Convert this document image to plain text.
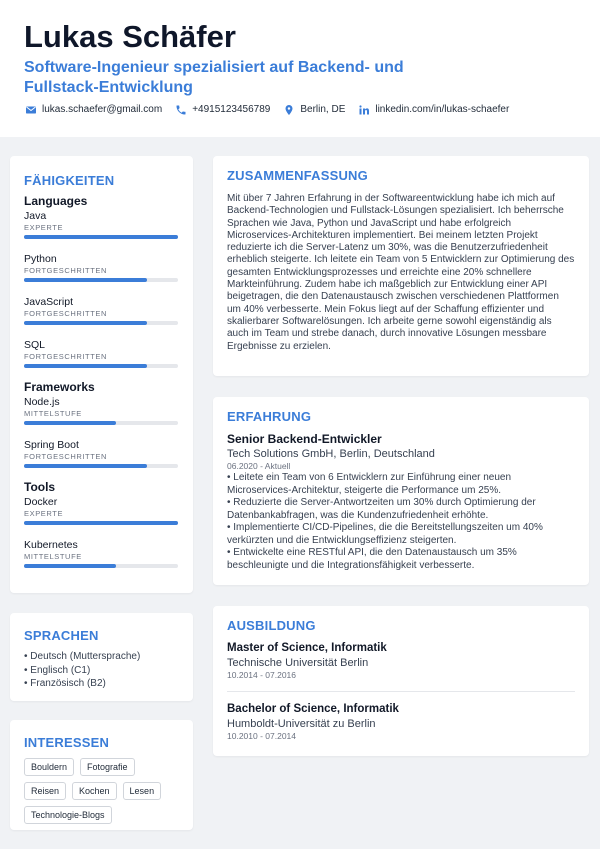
Lukas Schäfer
Software-Ingenieur spezialisiert auf Backend- und Fullstack-Entwicklung
lukas.schaefer@gmail.com	+4915123456789	Berlin, DE	linkedin.com/in/lukas-schaefer
FÄHIGKEITEN
Languages
Java
EXPERTE
Python
FORTGESCHRITTEN
JavaScript
FORTGESCHRITTEN
SQL
FORTGESCHRITTEN
Frameworks
Node.js
MITTELSTUFE
Spring Boot
FORTGESCHRITTEN
Tools
Docker
EXPERTE
Kubernetes
MITTELSTUFE
SPRACHEN
• Deutsch (Muttersprache)
• Englisch (C1)
• Französisch (B2)
INTERESSEN
Bouldern	Fotografie
Reisen	Kochen	Lesen
Technologie-Blogs
ZUSAMMENFASSUNG

Mit über 7 Jahren Erfahrung in der Softwareentwicklung habe ich mich auf Backend-Technologien und Fullstack-Lösungen spezialisiert. Ich beherrsche Sprachen wie Java, Python und JavaScript und habe erfolgreich Microservices-Architekturen implementiert. Bei meinem letzten Projekt reduzierte ich die Server-Latenz um 30%, was die Benutzerzufriedenheit erheblich steigerte. Ich leitete ein Team von 5 Entwicklern zur Optimierung des gesamten Entwicklungsprozesses und erreichte eine 20% schnellere Markteinführung. Zudem habe ich maßgeblich zur Entwicklung einer API beigetragen, die den Datenaustausch zwischen verschiedenen Plattformen um 40% verbesserte. Mein Fokus liegt auf der Schaffung effizienter und skalierbarer Softwarelösungen. Ich arbeite gerne sowohl eigenständig als auch im Team und strebe danach, durch innovative Lösungen messbare Ergebnisse zu erzielen.

ERFAHRUNG
Senior Backend-Entwickler
Tech Solutions GmbH, Berlin, Deutschland
06.2020 - Aktuell
• Leitete ein Team von 6 Entwicklern zur Einführung einer neuen Microservices-Architektur, steigerte die Performance um 25%.
• Reduzierte die Server-Antwortzeiten um 30% durch Optimierung der Datenbankabfragen, was die Kundenzufriedenheit erhöhte.
• Implementierte CI/CD-Pipelines, die die Bereitstellungszeiten um 40% verkürzten und die Entwicklungseffizienz steigerten.
• Entwickelte eine RESTful API, die den Datenaustausch um 35% beschleunigte und die Integrationsfähigkeit verbesserte.
AUSBILDUNG
Master of Science, Informatik
Technische Universität Berlin
10.2014 - 07.2016
Bachelor of Science, Informatik
Humboldt-Universität zu Berlin
10.2010 - 07.2014
